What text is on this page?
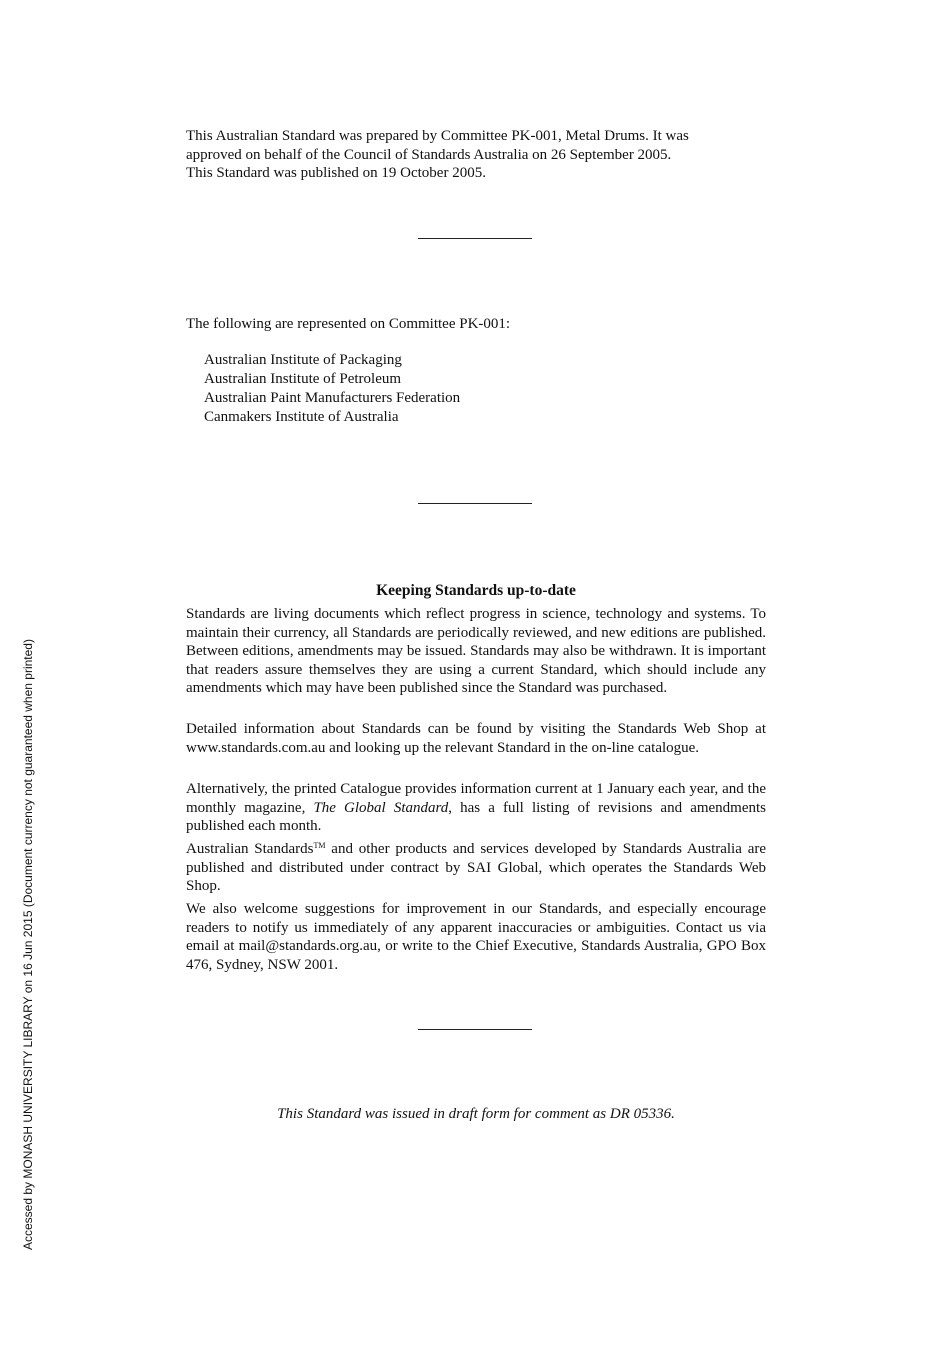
This Australian Standard was prepared by Committee PK-001, Metal Drums. It was
approved on behalf of the Council of Standards Australia on 26 September 2005.
This Standard was published on 19 October 2005.

The following are represented on Committee PK-001:

Australian Institute of Packaging
Australian Institute of Petroleum
Australian Paint Manufacturers Federation
Canmakers Institute of Australia
Keeping Standards up-to-date

Standards are living documents which reflect progress in science, technology and systems. To maintain their currency, all Standards are periodically reviewed, and new editions are published. Between editions, amendments may be issued. Standards may also be withdrawn. It is important that readers assure themselves they are using a current Standard, which should include any amendments which may have been published since the Standard was purchased.

Detailed information about Standards can be found by visiting the Standards Web Shop at www.standards.com.au and looking up the relevant Standard in the on-line catalogue.

Alternatively, the printed Catalogue provides information current at 1 January each year, and the monthly magazine, The Global Standard, has a full listing of revisions and amendments published each month.

Australian Standards™ and other products and services developed by Standards Australia are published and distributed under contract by SAI Global, which operates the Standards Web Shop.

We also welcome suggestions for improvement in our Standards, and especially encourage readers to notify us immediately of any apparent inaccuracies or ambiguities. Contact us via email at mail@standards.org.au, or write to the Chief Executive, Standards Australia, GPO Box 476, Sydney, NSW 2001.

This Standard was issued in draft form for comment as DR 05336.

Accessed by MONASH UNIVERSITY LIBRARY on 16 Jun 2015 (Document currency not guaranteed when printed)
